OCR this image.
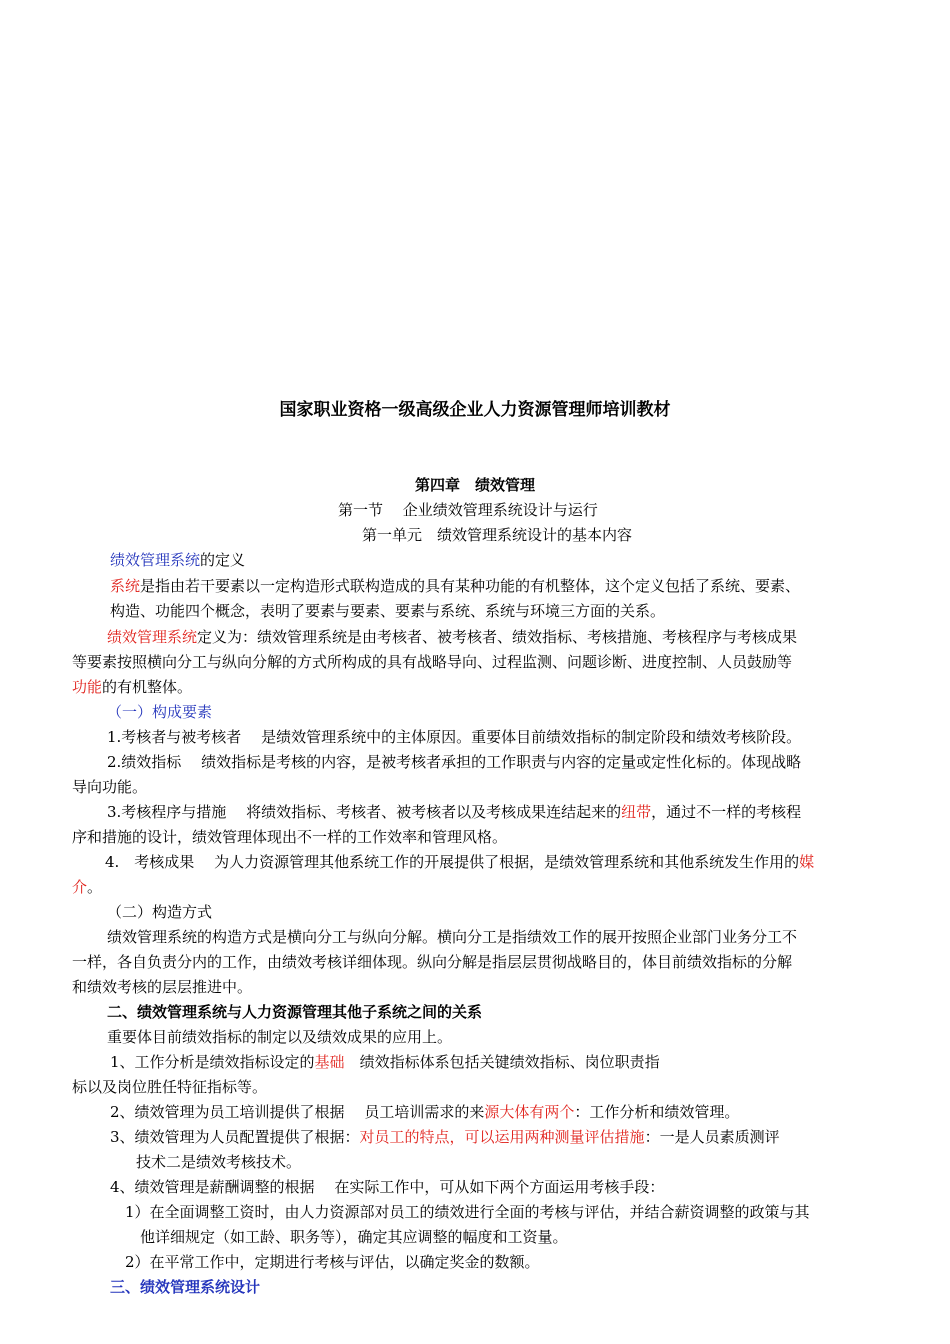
国家职业资格一级高级企业人力资源管理师培训教材
第四章　绩效管理
第一节　 企业绩效管理系统设计与运行
第一单元　绩效管理系统设计的基本内容
绩效管理系统的定义
系统是指由若干要素以一定构造形式联构造成的具有某种功能的有机整体，这个定义包括了系统、要素、
构造、功能四个概念，表明了要素与要素、要素与系统、系统与环境三方面的关系。
绩效管理系统定义为：绩效管理系统是由考核者、被考核者、绩效指标、考核措施、考核程序与考核成果
等要素按照横向分工与纵向分解的方式所构成的具有战略导向、过程监测、问题诊断、进度控制、人员鼓励等
功能的有机整体。
（一）构成要素
1.考核者与被考核者　 是绩效管理系统中的主体原因。重要体目前绩效指标的制定阶段和绩效考核阶段。
2.绩效指标　 绩效指标是考核的内容，是被考核者承担的工作职责与内容的定量或定性化标的。体现战略
导向功能。
3.考核程序与措施　 将绩效指标、考核者、被考核者以及考核成果连结起来的纽带，通过不一样的考核程
序和措施的设计，绩效管理体现出不一样的工作效率和管理风格。
4.　考核成果　 为人力资源管理其他系统工作的开展提供了根据，是绩效管理系统和其他系统发生作用的媒
介。
（二）构造方式
绩效管理系统的构造方式是横向分工与纵向分解。横向分工是指绩效工作的展开按照企业部门业务分工不
一样，各自负责分内的工作，由绩效考核详细体现。纵向分解是指层层贯彻战略目的，体目前绩效指标的分解
和绩效考核的层层推进中。
二、绩效管理系统与人力资源管理其他子系统之间的关系
重要体目前绩效指标的制定以及绩效成果的应用上。
1、工作分析是绩效指标设定的基础　绩效指标体系包括关键绩效指标、岗位职责指
标以及岗位胜任特征指标等。
2、绩效管理为员工培训提供了根据　 员工培训需求的来源大体有两个：工作分析和绩效管理。
3、绩效管理为人员配置提供了根据：对员工的特点，可以运用两种测量评估措施：一是人员素质测评
技术二是绩效考核技术。
4、绩效管理是薪酬调整的根据　 在实际工作中，可从如下两个方面运用考核手段：
1）在全面调整工资时，由人力资源部对员工的绩效进行全面的考核与评估，并结合薪资调整的政策与其
他详细规定（如工龄、职务等），确定其应调整的幅度和工资量。
2）在平常工作中，定期进行考核与评估，以确定奖金的数额。
三、绩效管理系统设计
